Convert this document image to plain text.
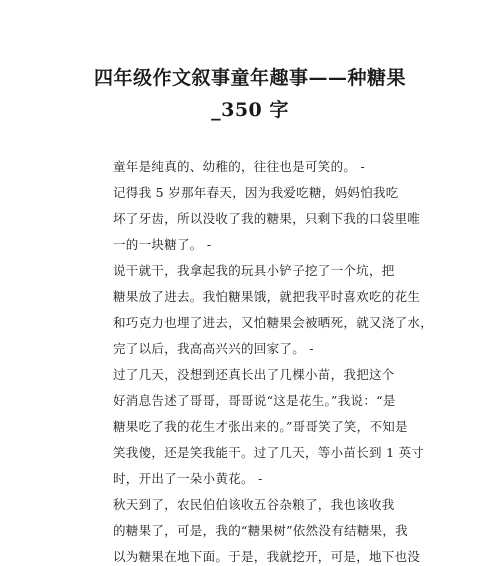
四年级作文叙事童年趣事——种糖果
_350 字
童年是纯真的、幼稚的，往往也是可笑的。 -
记得我 5 岁那年春天，因为我爱吃糖，妈妈怕我吃
坏了牙齿，所以没收了我的糖果，只剩下我的口袋里唯
一的一块糖了。 -
说干就干，我拿起我的玩具小铲子挖了一个坑，把
糖果放了进去。我怕糖果饿，就把我平时喜欢吃的花生
和巧克力也埋了进去，又怕糖果会被晒死，就又浇了水，
完了以后，我高高兴兴的回家了。 -
过了几天，没想到还真长出了几棵小苗，我把这个
好消息告述了哥哥，哥哥说“这是花生。”我说：“是
糖果吃了我的花生才张出来的。”哥哥笑了笑，不知是
笑我傻，还是笑我能干。过了几天，等小苗长到 1 英寸
时，开出了一朵小黄花。 -
秋天到了，农民伯伯该收五谷杂粮了，我也该收我
的糖果了，可是，我的“糖果树”依然没有结糖果，我
以为糖果在地下面。于是，我就挖开，可是，地下也没
